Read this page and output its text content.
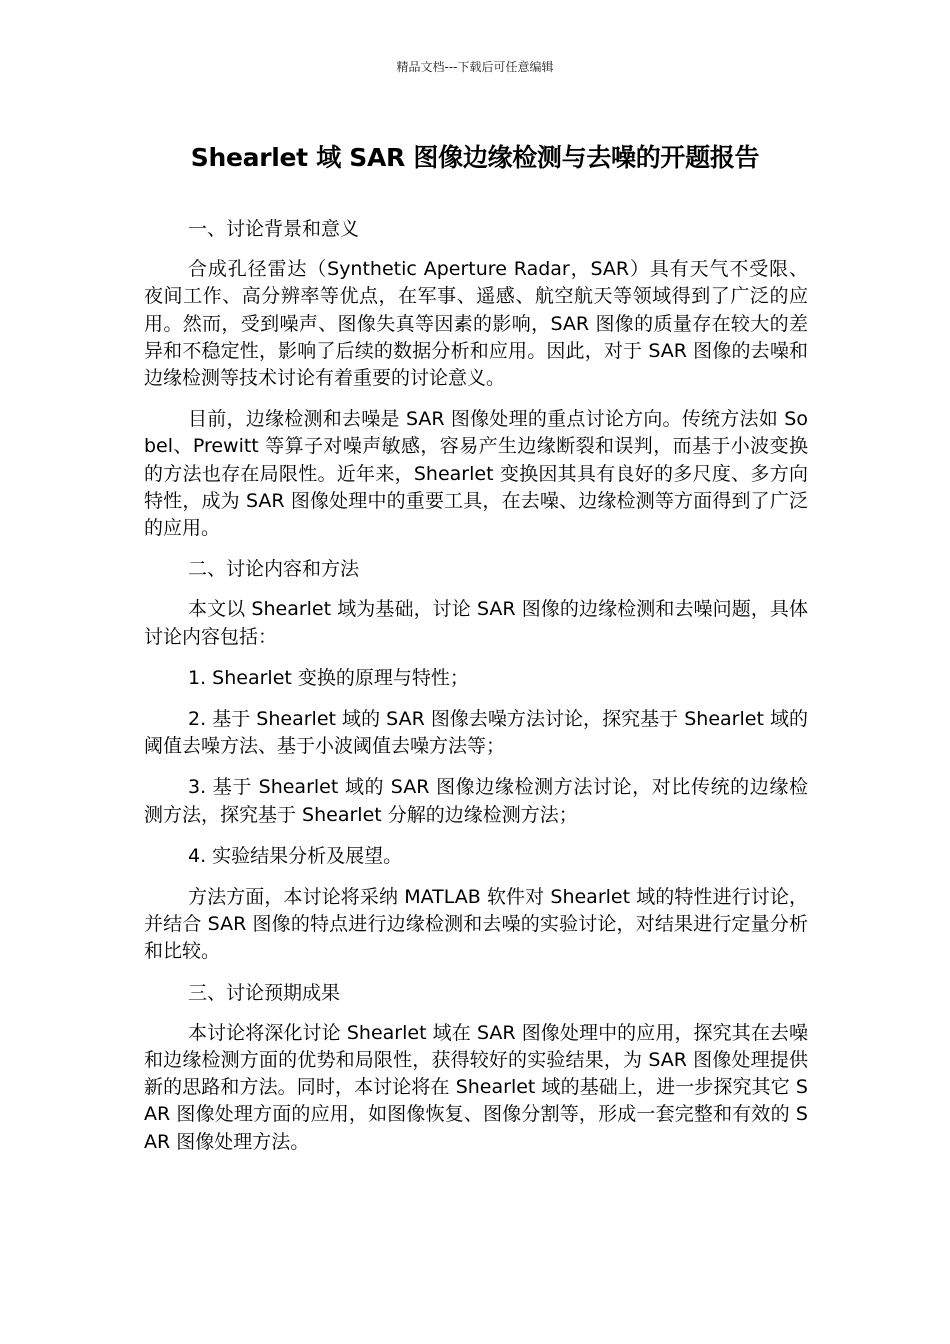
精品文档---下载后可任意编辑
Shearlet 域 SAR 图像边缘检测与去噪的开题报告

一、讨论背景和意义

合成孔径雷达（Synthetic Aperture Radar，SAR）具有天气不受限、夜间工作、高分辨率等优点，在军事、遥感、航空航天等领域得到了广泛的应用。然而，受到噪声、图像失真等因素的影响，SAR 图像的质量存在较大的差异和不稳定性，影响了后续的数据分析和应用。因此，对于 SAR 图像的去噪和边缘检测等技术讨论有着重要的讨论意义。

目前，边缘检测和去噪是 SAR 图像处理的重点讨论方向。传统方法如 Sobel、Prewitt 等算子对噪声敏感，容易产生边缘断裂和误判，而基于小波变换的方法也存在局限性。近年来，Shearlet 变换因其具有良好的多尺度、多方向特性，成为 SAR 图像处理中的重要工具，在去噪、边缘检测等方面得到了广泛的应用。

二、讨论内容和方法

本文以 Shearlet 域为基础，讨论 SAR 图像的边缘检测和去噪问题，具体讨论内容包括：

1. Shearlet 变换的原理与特性；

2. 基于 Shearlet 域的 SAR 图像去噪方法讨论，探究基于 Shearlet 域的阈值去噪方法、基于小波阈值去噪方法等；

3. 基于 Shearlet 域的 SAR 图像边缘检测方法讨论，对比传统的边缘检测方法，探究基于 Shearlet 分解的边缘检测方法；

4. 实验结果分析及展望。

方法方面，本讨论将采纳 MATLAB 软件对 Shearlet 域的特性进行讨论，并结合 SAR 图像的特点进行边缘检测和去噪的实验讨论，对结果进行定量分析和比较。

三、讨论预期成果

本讨论将深化讨论 Shearlet 域在 SAR 图像处理中的应用，探究其在去噪和边缘检测方面的优势和局限性，获得较好的实验结果，为 SAR 图像处理提供新的思路和方法。同时，本讨论将在 Shearlet 域的基础上，进一步探究其它 SAR 图像处理方面的应用，如图像恢复、图像分割等，形成一套完整和有效的 SAR 图像处理方法。
